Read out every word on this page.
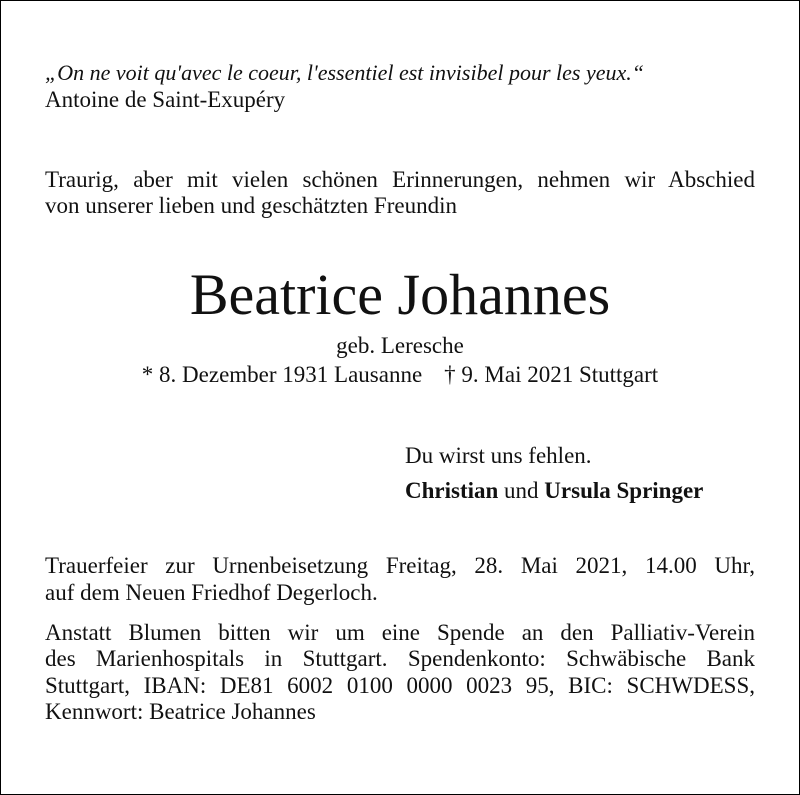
„On ne voit qu'avec le coeur, l'essentiel est invisibel pour les yeux.“
Antoine de Saint-Exupéry
Traurig, aber mit vielen schönen Erinnerungen, nehmen wir Abschied
von unserer lieben und geschätzten Freundin
Beatrice Johannes
geb. Leresche
* 8. Dezember 1931 Lausanne † 9. Mai 2021 Stuttgart
Du wirst uns fehlen.
Christian und Ursula Springer
Trauerfeier zur Urnenbeisetzung Freitag, 28. Mai 2021, 14.00 Uhr,
auf dem Neuen Friedhof Degerloch.
Anstatt Blumen bitten wir um eine Spende an den Palliativ-Verein
des Marienhospitals in Stuttgart. Spendenkonto: Schwäbische Bank
Stuttgart, IBAN: DE81 6002 0100 0000 0023 95, BIC: SCHWDESS,
Kennwort: Beatrice Johannes
